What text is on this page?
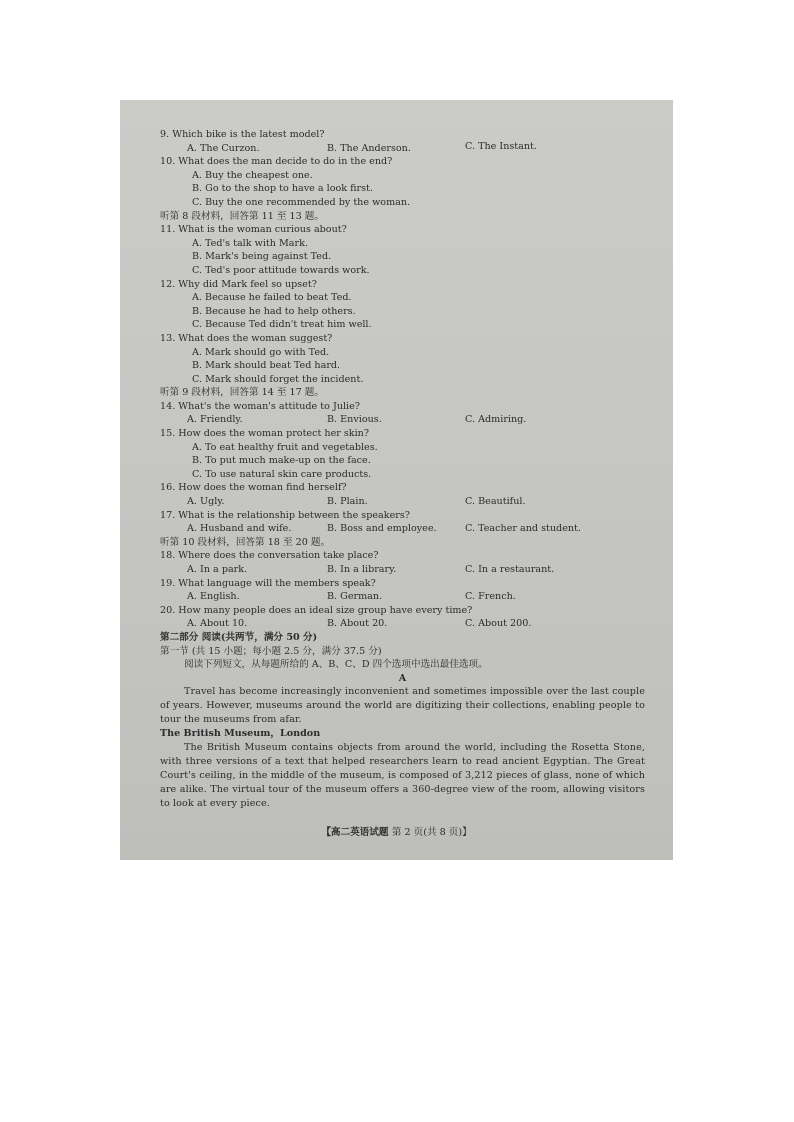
9. Which bike is the latest model?
A. The Curzon.	B. The Anderson.	C. The Instant.
10. What does the man decide to do in the end?
A. Buy the cheapest one.
B. Go to the shop to have a look first.
C. Buy the one recommended by the woman.
听第 8 段材料，回答第 11 至 13 题。
11. What is the woman curious about?
A. Ted's talk with Mark.
B. Mark's being against Ted.
C. Ted's poor attitude towards work.
12. Why did Mark feel so upset?
A. Because he failed to beat Ted.
B. Because he had to help others.
C. Because Ted didn't treat him well.
13. What does the woman suggest?
A. Mark should go with Ted.
B. Mark should beat Ted hard.
C. Mark should forget the incident.
听第 9 段材料，回答第 14 至 17 题。
14. What's the woman's attitude to Julie?
A. Friendly.	B. Envious.	C. Admiring.
15. How does the woman protect her skin?
A. To eat healthy fruit and vegetables.
B. To put much make-up on the face.
C. To use natural skin care products.
16. How does the woman find herself?
A. Ugly.	B. Plain.	C. Beautiful.
17. What is the relationship between the speakers?
A. Husband and wife.	B. Boss and employee.	C. Teacher and student.
听第 10 段材料，回答第 18 至 20 题。
18. Where does the conversation take place?
A. In a park.	B. In a library.	C. In a restaurant.
19. What language will the members speak?
A. English.	B. German.	C. French.
20. How many people does an ideal size group have every time?
A. About 10.	B. About 20.	C. About 200.
第二部分 阅读(共两节，满分 50 分)
第一节 (共 15 小题；每小题 2.5 分，满分 37.5 分)
阅读下列短文，从每题所给的 A、B、C、D 四个选项中选出最佳选项。
A

Travel has become increasingly inconvenient and sometimes impossible over the last couple of years. However, museums around the world are digitizing their collections, enabling people to tour the museums from afar.

The British Museum，London

The British Museum contains objects from around the world, including the Rosetta Stone, with three versions of a text that helped researchers learn to read ancient Egyptian. The Great Court's ceiling, in the middle of the museum, is composed of 3,212 pieces of glass, none of which are alike. The virtual tour of the museum offers a 360-degree view of the room, allowing visitors to look at every piece.

【高二英语试题 第 2 页(共 8 页)】
